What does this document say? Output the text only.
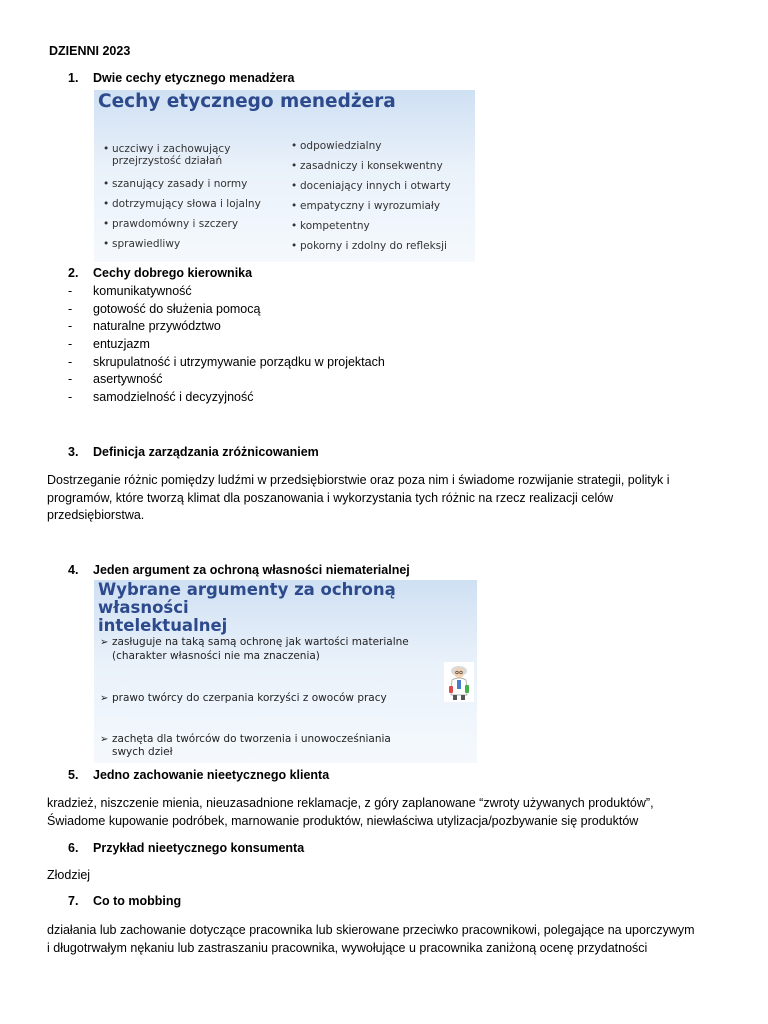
DZIENNI 2023
1. Dwie cechy etycznego menadżera
Cechy etycznego menedżera
• uczciwy i zachowujący
przejrzystość działań
• szanujący zasady i normy
• dotrzymujący słowa i lojalny
• prawdomówny i szczery
• sprawiedliwy
• odpowiedzialny
• zasadniczy i konsekwentny
• doceniający innych i otwarty
• empatyczny i wyrozumiały
• kompetentny
• pokorny i zdolny do refleksji
2. Cechy dobrego kierownika
- komunikatywność
- gotowość do służenia pomocą
- naturalne przywództwo
- entuzjazm
- skrupulatność i utrzymywanie porządku w projektach
- asertywność
- samodzielność i decyzyjność
3. Definicja zarządzania zróżnicowaniem
Dostrzeganie różnic pomiędzy ludźmi w przedsiębiorstwie oraz poza nim i świadome rozwijanie strategii, polityk i
programów, które tworzą klimat dla poszanowania i wykorzystania tych różnic na rzecz realizacji celów
przedsiębiorstwa.
4. Jeden argument za ochroną własności niematerialnej
Wybrane argumenty za ochroną własności
intelektualnej
➢ zasługuje na taką samą ochronę jak wartości materialne
(charakter własności nie ma znaczenia)
➢ prawo twórcy do czerpania korzyści z owoców pracy
➢ zachęta dla twórców do tworzenia i unowocześniania
swych dzieł
5. Jedno zachowanie nieetycznego klienta
kradzież, niszczenie mienia, nieuzasadnione reklamacje, z góry zaplanowane “zwroty używanych produktów”,
Świadome kupowanie podróbek, marnowanie produktów, niewłaściwa utylizacja/pozbywanie się produktów
6. Przykład nieetycznego konsumenta
Złodziej
7. Co to mobbing
działania lub zachowanie dotyczące pracownika lub skierowane przeciwko pracownikowi, polegające na uporczywym
i długotrwałym nękaniu lub zastraszaniu pracownika, wywołujące u pracownika zaniżoną ocenę przydatności
